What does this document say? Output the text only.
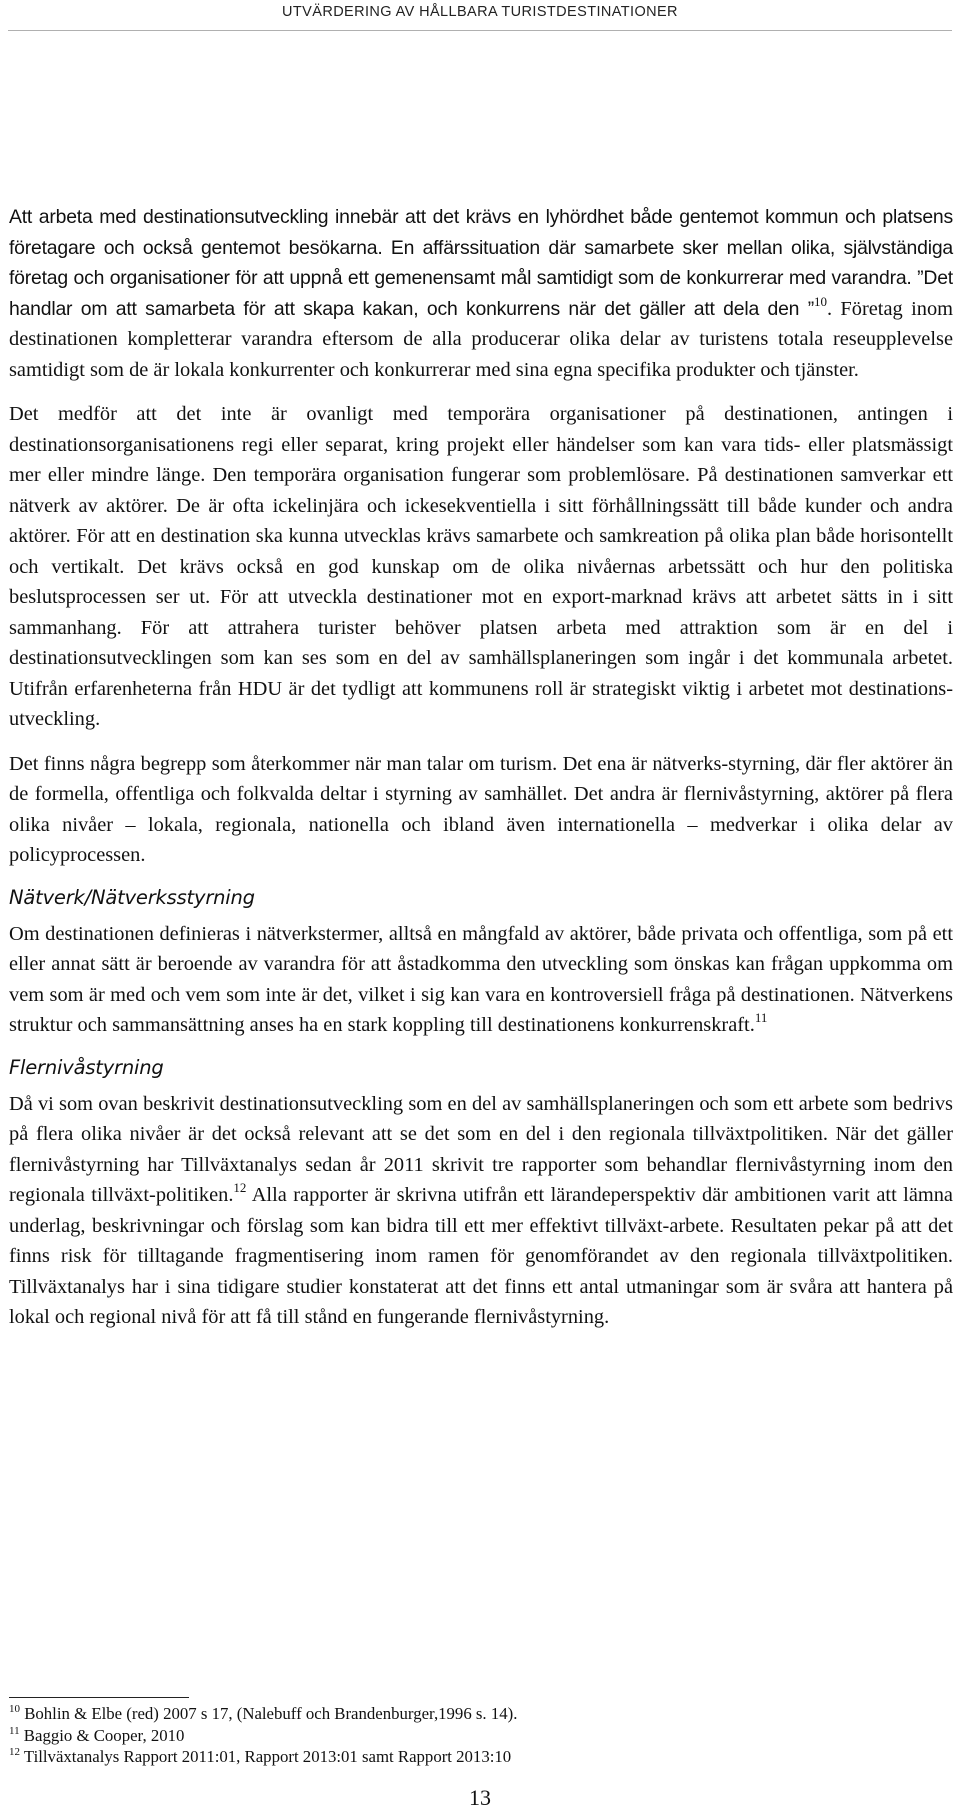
UTVÄRDERING AV HÅLLBARA TURISTDESTINATIONER

Att arbeta med destinationsutveckling innebär att det krävs en lyhördhet både gentemot kommun och platsens företagare och också gentemot besökarna. En affärssituation där samarbete sker mellan olika, självständiga företag och organisationer för att uppnå ett gemenensamt mål samtidigt som de konkurrerar med varandra. ”Det handlar om att samarbeta för att skapa kakan, och konkurrens när det gäller att dela den ”$^{10}$. Företag inom destinationen kompletterar varandra eftersom de alla producerar olika delar av turistens totala reseupplevelse samtidigt som de är lokala konkurrenter och konkurrerar med sina egna specifika produkter och tjänster.

Det medför att det inte är ovanligt med temporära organisationer på destinationen, antingen i destinationsorganisationens regi eller separat, kring projekt eller händelser som kan vara tids- eller platsmässigt mer eller mindre länge. Den temporära organisation fungerar som problemlösare. På destinationen samverkar ett nätverk av aktörer. De är ofta ickelinjära och ickesekventiella i sitt förhållningssätt till både kunder och andra aktörer. För att en destination ska kunna utvecklas krävs samarbete och samkreation på olika plan både horisontellt och vertikalt. Det krävs också en god kunskap om de olika nivåernas arbetssätt och hur den politiska beslutsprocessen ser ut. För att utveckla destinationer mot en export-marknad krävs att arbetet sätts in i sitt sammanhang. För att attrahera turister behöver platsen arbeta med attraktion som är en del i destinationsutvecklingen som kan ses som en del av samhällsplaneringen som ingår i det kommunala arbetet. Utifrån erfarenheterna från HDU är det tydligt att kommunens roll är strategiskt viktig i arbetet mot destinations-utveckling.

Det finns några begrepp som återkommer när man talar om turism. Det ena är nätverks-styrning, där fler aktörer än de formella, offentliga och folkvalda deltar i styrning av samhället. Det andra är flernivåstyrning, aktörer på flera olika nivåer – lokala, regionala, nationella och ibland även internationella – medverkar i olika delar av policyprocessen.

Nätverk/Nätverksstyrning

Om destinationen definieras i nätverkstermer, alltså en mångfald av aktörer, både privata och offentliga, som på ett eller annat sätt är beroende av varandra för att åstadkomma den utveckling som önskas kan frågan uppkomma om vem som är med och vem som inte är det, vilket i sig kan vara en kontroversiell fråga på destinationen. Nätverkens struktur och sammansättning anses ha en stark koppling till destinationens konkurrenskraft.$^{11}$

Flernivåstyrning

Då vi som ovan beskrivit destinationsutveckling som en del av samhällsplaneringen och som ett arbete som bedrivs på flera olika nivåer är det också relevant att se det som en del i den regionala tillväxtpolitiken. När det gäller flernivåstyrning har Tillväxtanalys sedan år 2011 skrivit tre rapporter som behandlar flernivåstyrning inom den regionala tillväxt-politiken.$^{12}$ Alla rapporter är skrivna utifrån ett lärandeperspektiv där ambitionen varit att lämna underlag, beskrivningar och förslag som kan bidra till ett mer effektivt tillväxt-arbete. Resultaten pekar på att det finns risk för tilltagande fragmentisering inom ramen för genomförandet av den regionala tillväxtpolitiken. Tillväxtanalys har i sina tidigare studier konstaterat att det finns ett antal utmaningar som är svåra att hantera på lokal och regional nivå för att få till stånd en fungerande flernivåstyrning.

$^{10}$ Bohlin & Elbe (red) 2007 s 17, (Nalebuff och Brandenburger,1996 s. 14).
$^{11}$ Baggio & Cooper, 2010
$^{12}$ Tillväxtanalys Rapport 2011:01, Rapport 2013:01 samt Rapport 2013:10
13
